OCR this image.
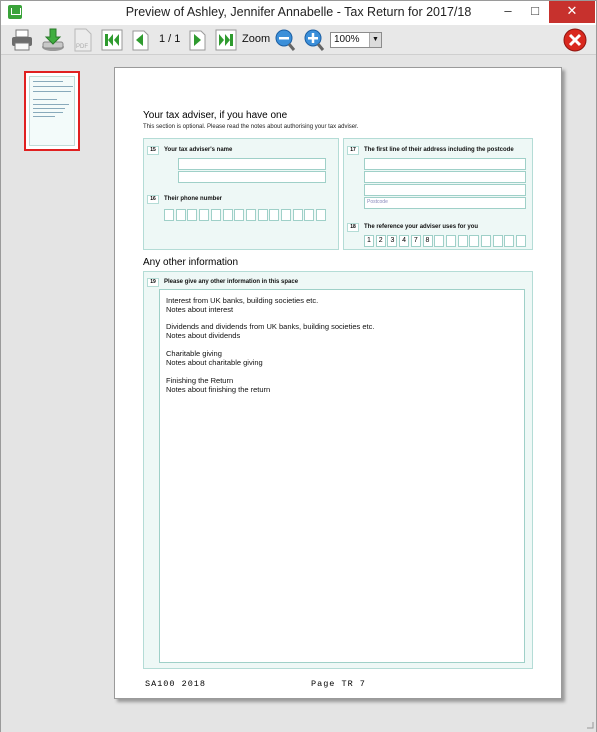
Preview of Ashley, Jennifer Annabelle - Tax Return for 2017/18	–	□	✕
PDF
1 / 1	Zoom	100%	▼
Your tax adviser, if you have one
This section is optional. Please read the notes about authorising your tax adviser.
15	Your tax adviser's name
16	Their phone number
17	The first line of their address including the postcode
Postcode
18	The reference your adviser uses for you
1	2	3	4	7	8
Any other information
19	Please give any other information in this space
Interest from UK banks, building societies etc.
Notes about interest
Dividends and dividends from UK banks, building societies etc.
Notes about dividends
Charitable giving
Notes about charitable giving
Finishing the Return
Notes about finishing the return
SA100 2018	Page TR 7
